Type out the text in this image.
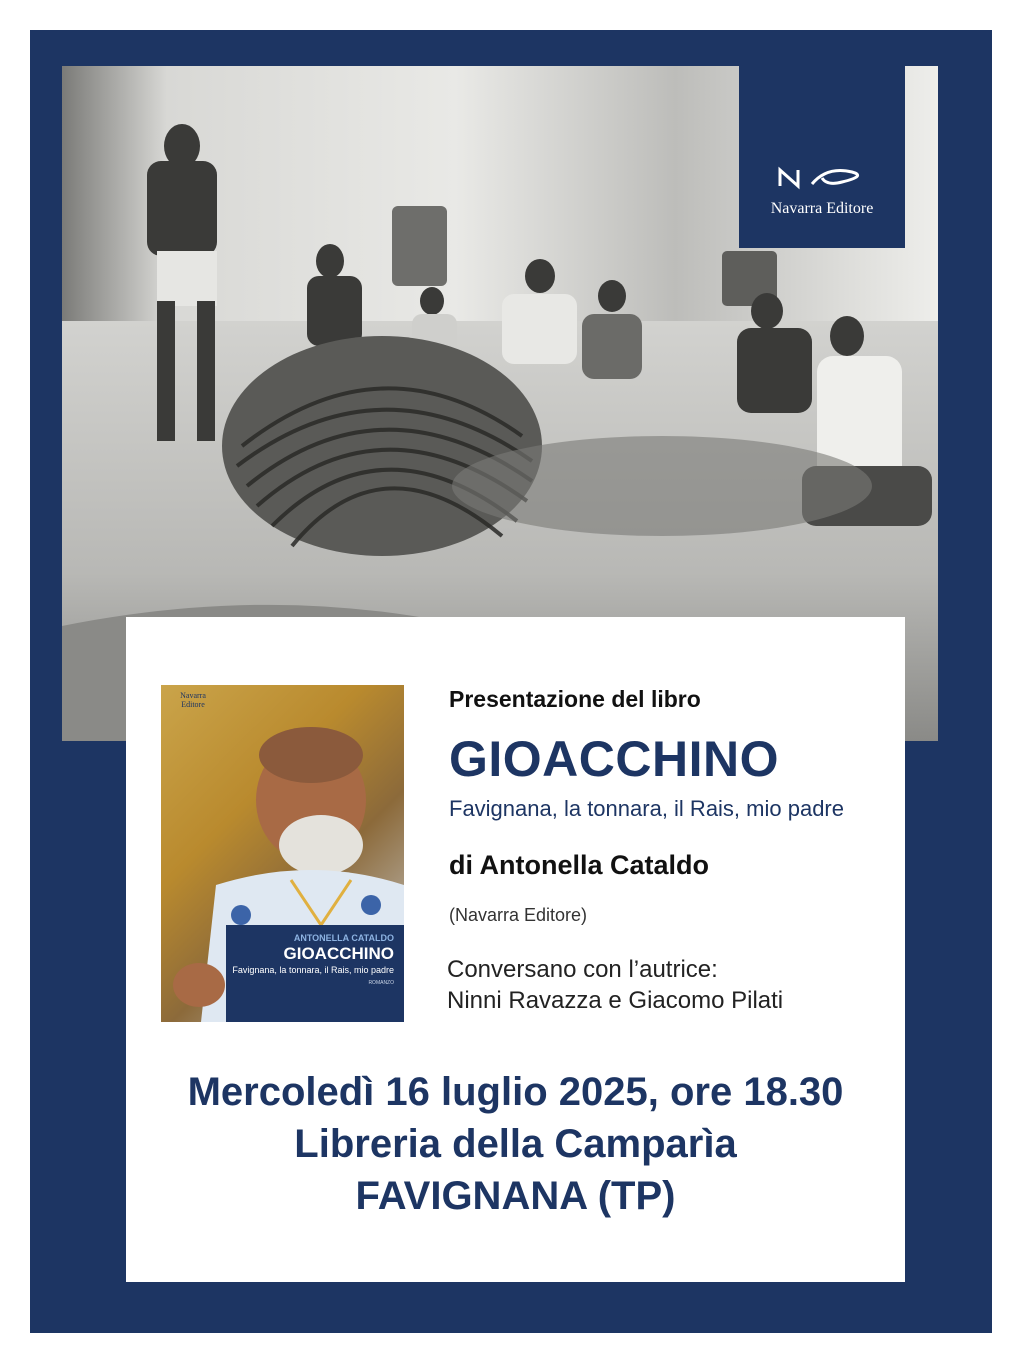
Navarra Editore
Navarra Editore
ANTONELLA CATALDO
GIOACCHINO
Favignana, la tonnara, il Rais, mio padre
ROMANZO
Presentazione del libro
GIOACCHINO
Favignana, la tonnara, il Rais, mio padre
di Antonella Cataldo
(Navarra Editore)
Conversano con l’autrice:
Ninni Ravazza e Giacomo Pilati
Mercoledì 16 luglio 2025, ore 18.30
Libreria della Camparìa
FAVIGNANA (TP)
